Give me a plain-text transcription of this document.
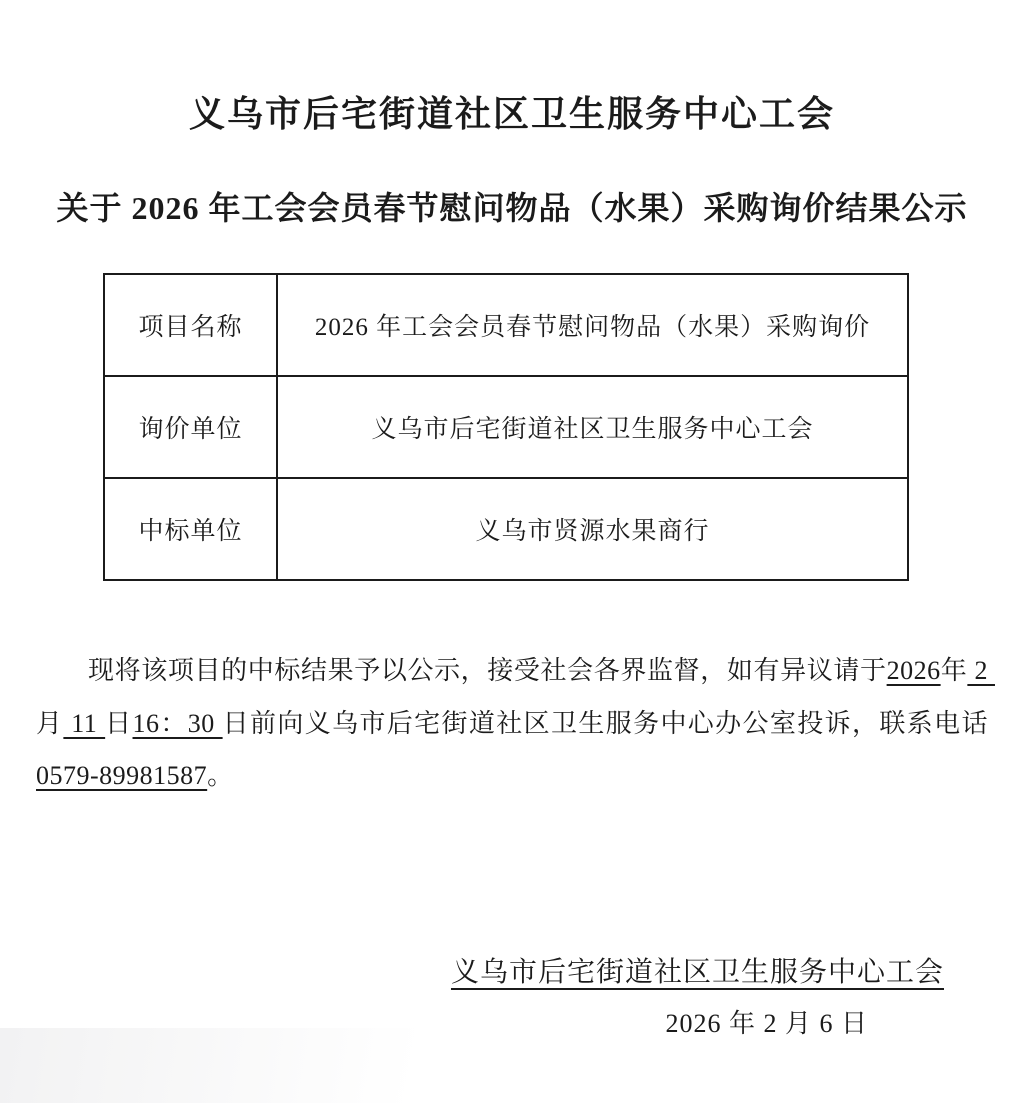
义乌市后宅街道社区卫生服务中心工会
关于 2026 年工会会员春节慰问物品（水果）采购询价结果公示
项目名称	2026 年工会会员春节慰问物品（水果）采购询价
询价单位	义乌市后宅街道社区卫生服务中心工会
中标单位	义乌市贤源水果商行

现将该项目的中标结果予以公示，接受社会各界监督，如有异议请于2026年 2 月 11 日16：30 日前向义乌市后宅街道社区卫生服务中心办公室投诉，联系电话 0579-89981587。

义乌市后宅街道社区卫生服务中心工会
2026 年 2 月 6 日
